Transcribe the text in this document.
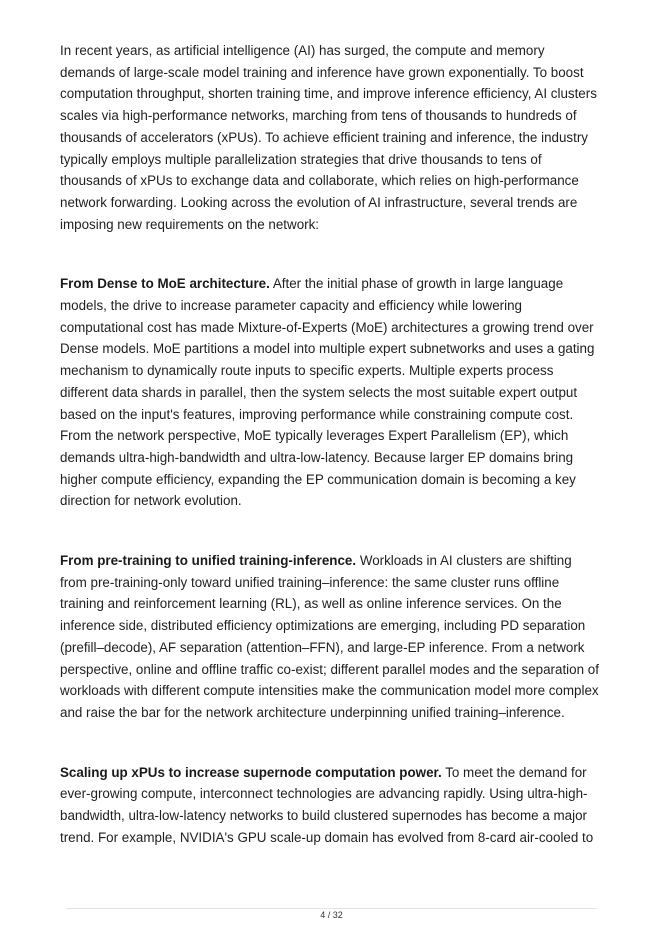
In recent years, as artificial intelligence (AI) has surged, the compute and memory demands of large-scale model training and inference have grown exponentially. To boost computation throughput, shorten training time, and improve inference efficiency, AI clusters scales via high-performance networks, marching from tens of thousands to hundreds of thousands of accelerators (xPUs). To achieve efficient training and inference, the industry typically employs multiple parallelization strategies that drive thousands to tens of thousands of xPUs to exchange data and collaborate, which relies on high-performance network forwarding. Looking across the evolution of AI infrastructure, several trends are imposing new requirements on the network:

From Dense to MoE architecture. After the initial phase of growth in large language models, the drive to increase parameter capacity and efficiency while lowering computational cost has made Mixture-of-Experts (MoE) architectures a growing trend over Dense models. MoE partitions a model into multiple expert subnetworks and uses a gating mechanism to dynamically route inputs to specific experts. Multiple experts process different data shards in parallel, then the system selects the most suitable expert output based on the input's features, improving performance while constraining compute cost. From the network perspective, MoE typically leverages Expert Parallelism (EP), which demands ultra-high-bandwidth and ultra-low-latency. Because larger EP domains bring higher compute efficiency, expanding the EP communication domain is becoming a key direction for network evolution.

From pre-training to unified training-inference. Workloads in AI clusters are shifting from pre-training-only toward unified training–inference: the same cluster runs offline training and reinforcement learning (RL), as well as online inference services. On the inference side, distributed efficiency optimizations are emerging, including PD separation (prefill–decode), AF separation (attention–FFN), and large-EP inference. From a network perspective, online and offline traffic co-exist; different parallel modes and the separation of workloads with different compute intensities make the communication model more complex and raise the bar for the network architecture underpinning unified training–inference.

Scaling up xPUs to increase supernode computation power. To meet the demand for ever-growing compute, interconnect technologies are advancing rapidly. Using ultra-high-bandwidth, ultra-low-latency networks to build clustered supernodes has become a major trend. For example, NVIDIA's GPU scale-up domain has evolved from 8-card air-cooled to

4 / 32
